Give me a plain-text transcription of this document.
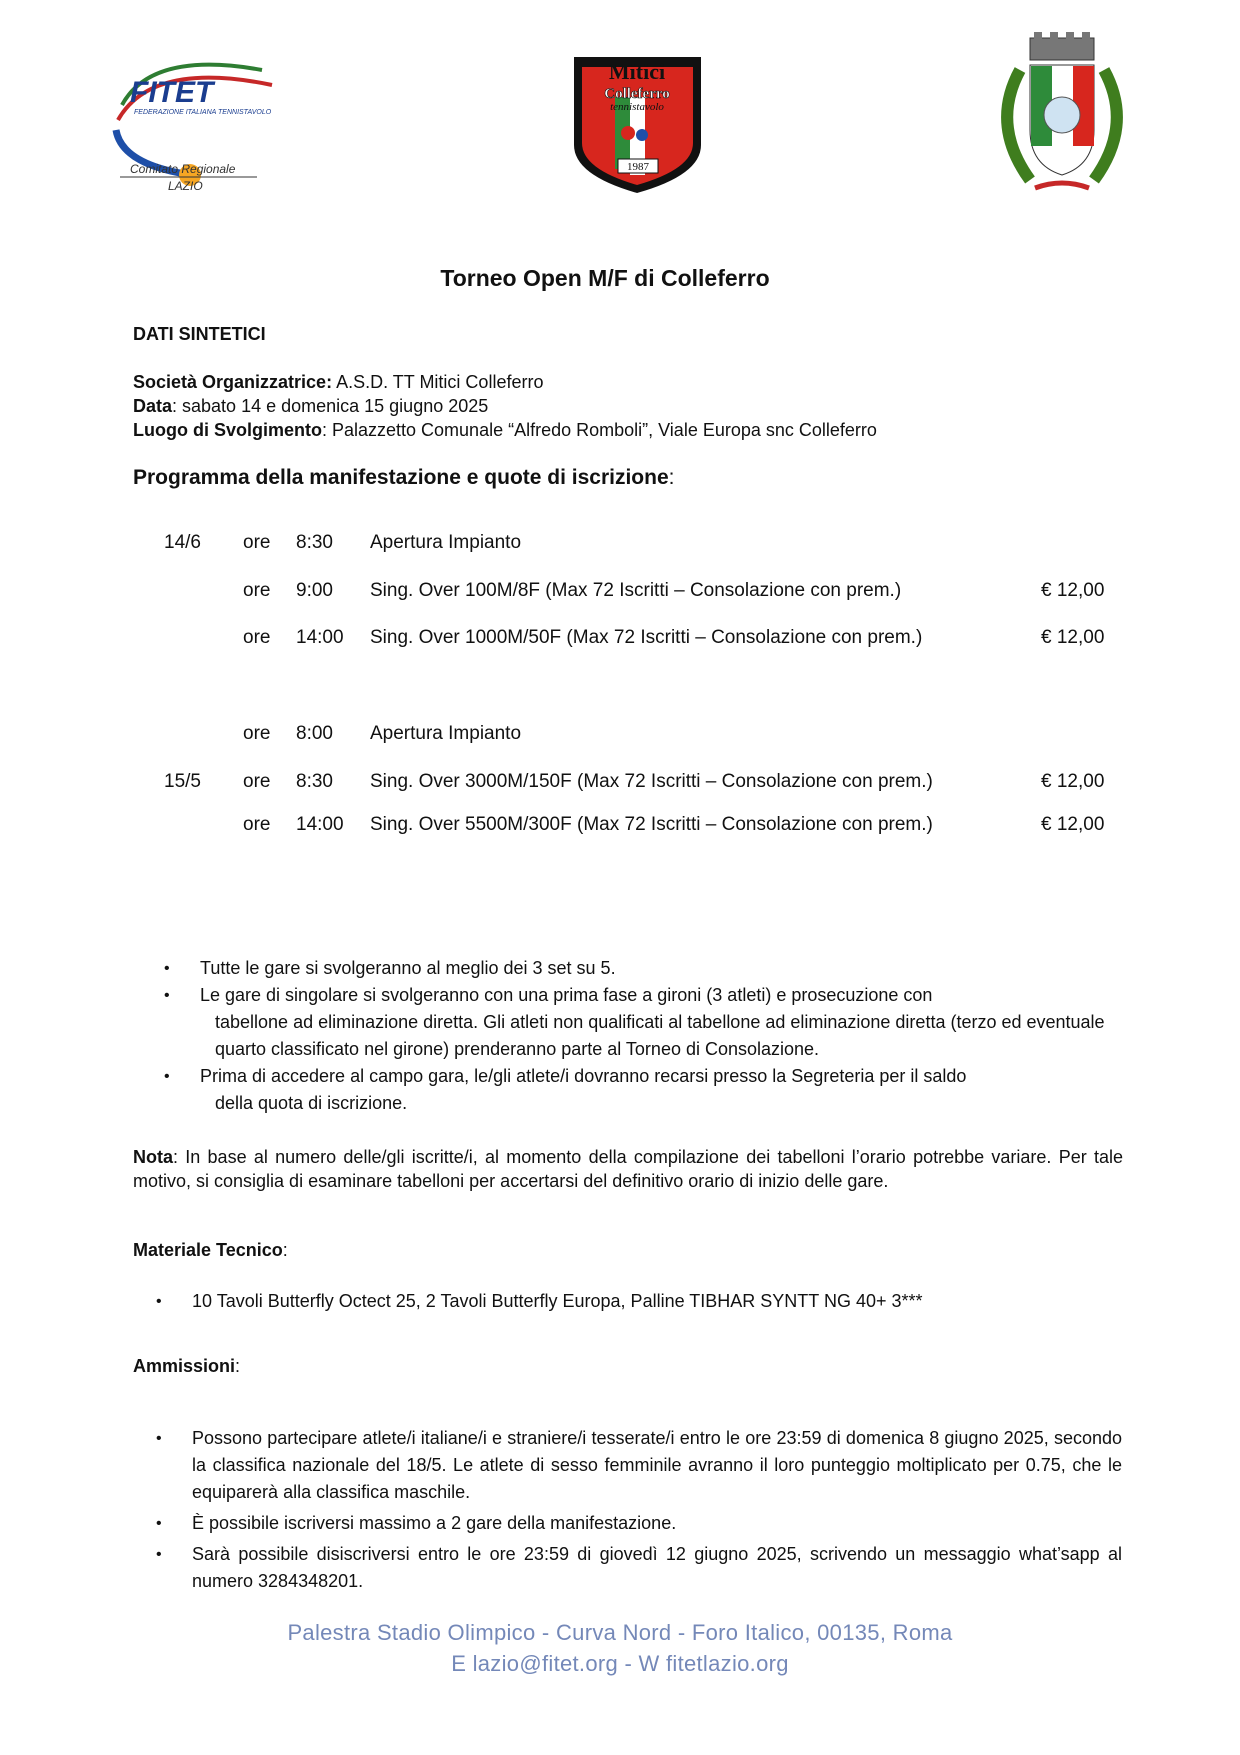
FITET
FEDERAZIONE ITALIANA TENNISTAVOLO
Comitato Regionale
LAZIO
Mitici
Colleferro
tennistavolo
1987
Torneo Open M/F di Colleferro
DATI SINTETICI
Società Organizzatrice: A.S.D. TT Mitici Colleferro
Data: sabato 14 e domenica 15 giugno 2025
Luogo di Svolgimento: Palazzetto Comunale “Alfredo Romboli”, Viale Europa snc Colleferro
Programma della manifestazione e quote di iscrizione:
14/6 ore 8:30 Apertura Impianto
ore 9:00 Sing. Over 100M/8F (Max 72 Iscritti – Consolazione con prem.)	€ 12,00
ore 14:00 Sing. Over 1000M/50F (Max 72 Iscritti – Consolazione con prem.)	€ 12,00
ore 8:00 Apertura Impianto
15/5 ore 8:30 Sing. Over 3000M/150F (Max 72 Iscritti – Consolazione con prem.)	€ 12,00
ore 14:00 Sing. Over 5500M/300F (Max 72 Iscritti – Consolazione con prem.)	€ 12,00
• Tutte le gare si svolgeranno al meglio dei 3 set su 5.
• Le gare di singolare si svolgeranno con una prima fase a gironi (3 atleti) e prosecuzione con
tabellone ad eliminazione diretta. Gli atleti non qualificati al tabellone ad eliminazione diretta (terzo ed eventuale quarto classificato nel girone) prenderanno parte al Torneo di Consolazione.
• Prima di accedere al campo gara, le/gli atlete/i dovranno recarsi presso la Segreteria per il saldo
della quota di iscrizione.
Nota: In base al numero delle/gli iscritte/i, al momento della compilazione dei tabelloni l’orario potrebbe variare. Per tale motivo, si consiglia di esaminare tabelloni per accertarsi del definitivo orario di inizio delle gare.
Materiale Tecnico:
• 10 Tavoli Butterfly Octect 25, 2 Tavoli Butterfly Europa, Palline TIBHAR SYNTT NG 40+ 3***
Ammissioni:
• Possono partecipare atlete/i italiane/i e straniere/i tesserate/i entro le ore 23:59 di domenica 8 giugno 2025, secondo la classifica nazionale del 18/5. Le atlete di sesso femminile avranno il loro punteggio moltiplicato per 0.75, che le equiparerà alla classifica maschile.
• È possibile iscriversi massimo a 2 gare della manifestazione.
• Sarà possibile disiscriversi entro le ore 23:59 di giovedì 12 giugno 2025, scrivendo un messaggio what’sapp al numero 3284348201.
Palestra Stadio Olimpico - Curva Nord - Foro Italico, 00135, Roma
E lazio@fitet.org - W fitetlazio.org
